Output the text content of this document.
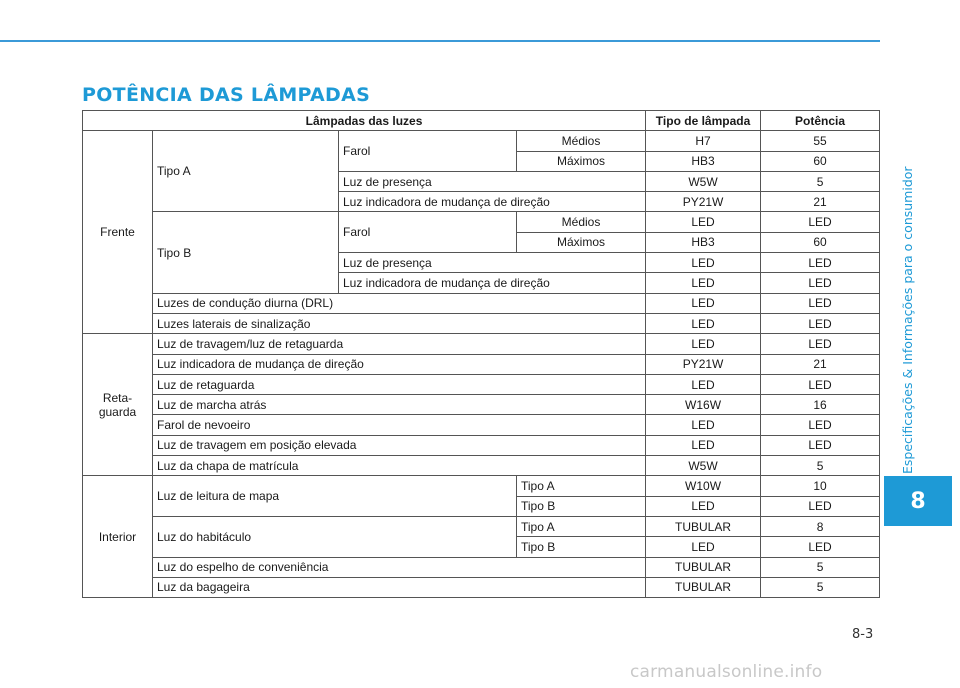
POTÊNCIA DAS LÂMPADAS
Especificações & Informações para o consumidor
8
Lâmpadas das luzes				Tipo de lâmpada	Potência
Frente	Tipo A	Farol	Médios	H7	55
			Máximos	HB3	60
		Luz de presença		W5W	5
		Luz indicadora de mudança de direção		PY21W	21
	Tipo B	Farol	Médios	LED	LED
			Máximos	HB3	60
		Luz de presença		LED	LED
		Luz indicadora de mudança de direção		LED	LED
	Luzes de condução diurna (DRL)			LED	LED
	Luzes laterais de sinalização			LED	LED
Reta-
guarda	Luz de travagem/luz de retaguarda			LED	LED
	Luz indicadora de mudança de direção			PY21W	21
	Luz de retaguarda			LED	LED
	Luz de marcha atrás			W16W	16
	Farol de nevoeiro			LED	LED
	Luz de travagem em posição elevada			LED	LED
	Luz da chapa de matrícula			W5W	5
Interior	Luz de leitura de mapa		Tipo A	W10W	10
			Tipo B	LED	LED
	Luz do habitáculo		Tipo A	TUBULAR	8
			Tipo B	LED	LED
	Luz do espelho de conveniência			TUBULAR	5
	Luz da bagageira			TUBULAR	5
8-3
carmanualsonline.info
